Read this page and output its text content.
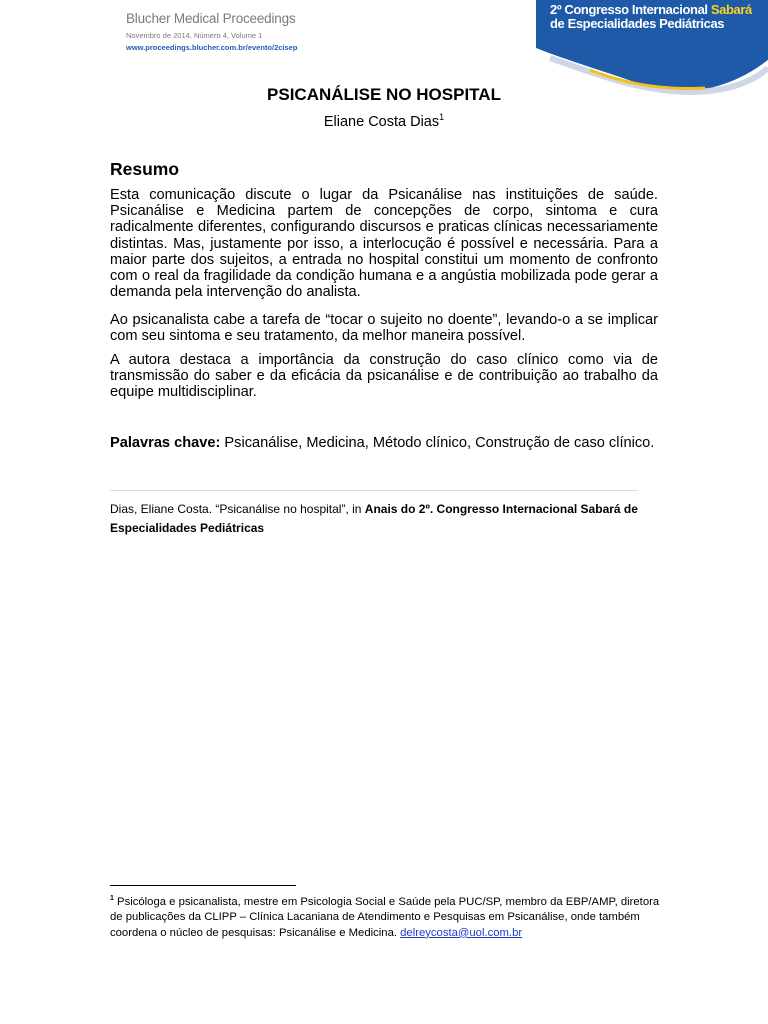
Blucher Medical Proceedings
Novembro de 2014, Número 4, Volume 1
www.proceedings.blucher.com.br/evento/2cisep
2º Congresso Internacional Sabará
de Especialidades Pediátricas
PSICANÁLISE NO HOSPITAL
Eliane Costa Dias$^1$
Resumo
Esta comunicação discute o lugar da Psicanálise nas instituições de saúde. Psicanálise e Medicina partem de concepções de corpo, sintoma e cura radicalmente diferentes, configurando discursos e praticas clínicas necessariamente distintas. Mas, justamente por isso, a interlocução é possível e necessária. Para a maior parte dos sujeitos, a entrada no hospital constitui um momento de confronto com o real da fragilidade da condição humana e a angústia mobilizada pode gerar a demanda pela intervenção do analista.
Ao psicanalista cabe a tarefa de “tocar o sujeito no doente”, levando-o a se implicar com seu sintoma e seu tratamento, da melhor maneira possível.
A autora destaca a importância da construção do caso clínico como via de transmissão do saber e da eficácia da psicanálise e de contribuição ao trabalho da equipe multidisciplinar.
Palavras chave: Psicanálise, Medicina, Método clínico, Construção de caso clínico.
Dias, Eliane Costa. “Psicanálise no hospital”, in Anais do 2º. Congresso Internacional Sabará de Especialidades Pediátricas
$^1$ Psicóloga e psicanalista, mestre em Psicologia Social e Saúde pela PUC/SP, membro da EBP/AMP, diretora de publicações da CLIPP – Clínica Lacaniana de Atendimento e Pesquisas em Psicanálise, onde também coordena o núcleo de pesquisas: Psicanálise e Medicina. delreycosta@uol.com.br
